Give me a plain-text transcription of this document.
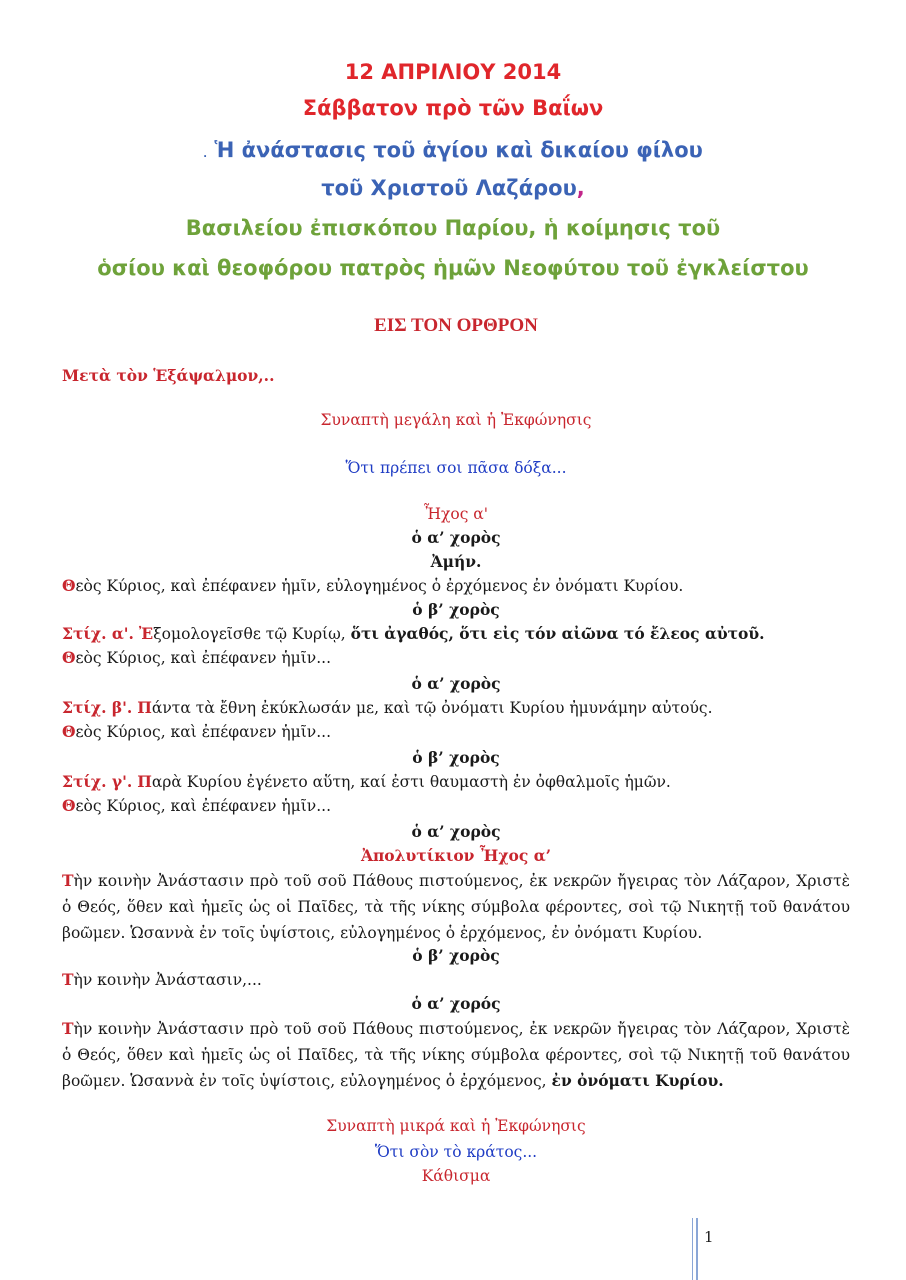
12 ΑΠΡΙΛΙΟΥ 2014
Σάββατον πρὸ τῶν Βαΐων
. Ἡ ἀνάστασις τοῦ ἁγίου καὶ δικαίου φίλου
τοῦ Χριστοῦ Λαζάρου,
Βασιλείου ἐπισκόπου Παρίου, ἡ κοίμησις τοῦ
ὁσίου καὶ θεοφόρου πατρὸς ἡμῶν Νεοφύτου τοῦ ἐγκλείστου
ΕΙΣ ΤΟΝ ΟΡΘΡΟΝ
Μετὰ τὸν Ἑξάψαλμον,..
Συναπτὴ μεγάλη καὶ ἡ Ἐκφώνησις
Ὅτι πρέπει σοι πᾶσα δόξα...
Ἦχος α'
ὁ α’ χορὸς
Ἀμήν.
Θεὸς Κύριος, καὶ ἐπέφανεν ἡμῖν, εὐλογημένος ὁ ἐρχόμενος ἐν ὀνόματι Κυρίου.
ὁ β’ χορὸς
Στίχ. α'. Ἐξομολογεῖσθε τῷ Κυρίῳ, ὅτι ἀγαθός, ὅτι εἰς τόν αἰῶνα τό ἔλεος αὐτοῦ.
Θεὸς Κύριος, καὶ ἐπέφανεν ἡμῖν...
ὁ α’ χορὸς
Στίχ. β'. Πάντα τὰ ἔθνη ἐκύκλωσάν με, καὶ τῷ ὀνόματι Κυρίου ἠμυνάμην αὐτούς.
Θεὸς Κύριος, καὶ ἐπέφανεν ἡμῖν...
ὁ β’ χορὸς
Στίχ. γ'. Παρὰ Κυρίου ἐγένετο αὕτη, καί ἐστι θαυμαστὴ ἐν ὀφθαλμοῖς ἡμῶν.
Θεὸς Κύριος, καὶ ἐπέφανεν ἡμῖν...
ὁ α’ χορὸς
Ἀπολυτίκιον Ἦχος α’
Τὴν κοινὴν Ἀνάστασιν πρὸ τοῦ σοῦ Πάθους πιστούμενος, ἐκ νεκρῶν ἤγειρας τὸν Λάζαρον, Χριστὲ ὁ Θεός, ὅθεν καὶ ἡμεῖς ὡς οἱ Παῖδες, τὰ τῆς νίκης σύμβολα φέροντες, σοὶ τῷ Νικητῇ τοῦ θανάτου βοῶμεν. Ὡσαννὰ ἐν τοῖς ὑψίστοις, εὐλογημένος ὁ ἐρχόμενος, ἐν ὀνόματι Κυρίου.
ὁ β’ χορὸς
Τὴν κοινὴν Ἀνάστασιν,...
ὁ α’ χορός
Τὴν κοινὴν Ἀνάστασιν πρὸ τοῦ σοῦ Πάθους πιστούμενος, ἐκ νεκρῶν ἤγειρας τὸν Λάζαρον, Χριστὲ ὁ Θεός, ὅθεν καὶ ἡμεῖς ὡς οἱ Παῖδες, τὰ τῆς νίκης σύμβολα φέροντες, σοὶ τῷ Νικητῇ τοῦ θανάτου βοῶμεν. Ὡσαννὰ ἐν τοῖς ὑψίστοις, εὐλογημένος ὁ ἐρχόμενος, ἐν ὀνόματι Κυρίου.
Συναπτὴ μικρά καὶ ἡ Ἐκφώνησις
Ὅτι σὸν τὸ κράτος...
Κάθισμα
1
